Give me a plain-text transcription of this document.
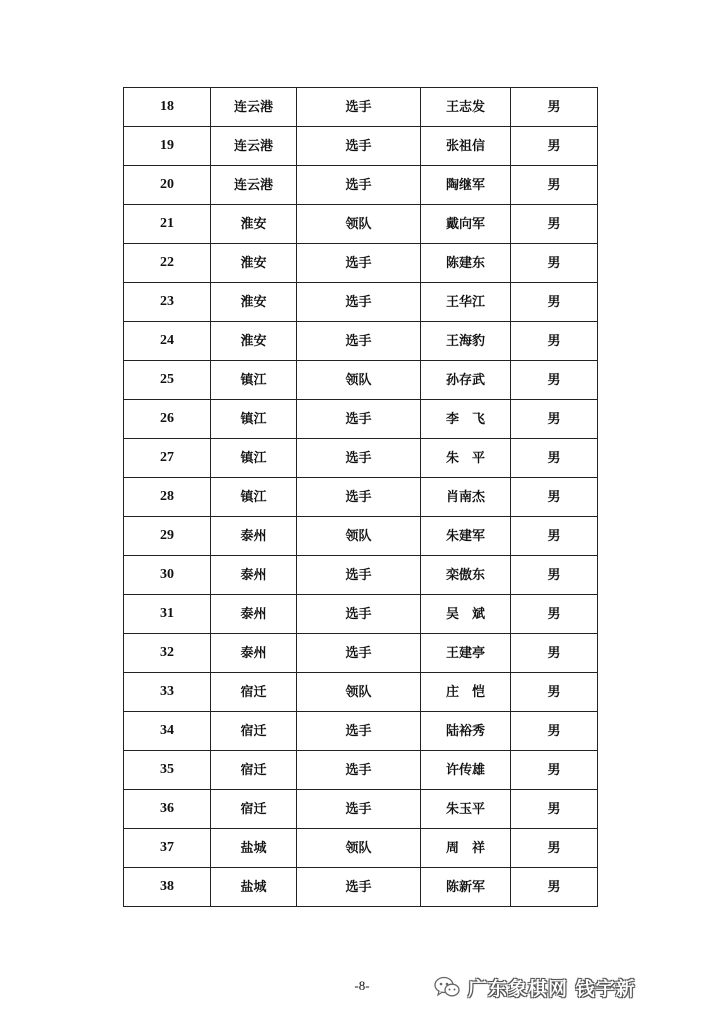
18	连云港	选手	王志发	男
19	连云港	选手	张祖信	男
20	连云港	选手	陶继军	男
21	淮安	领队	戴向军	男
22	淮安	选手	陈建东	男
23	淮安	选手	王华江	男
24	淮安	选手	王海豹	男
25	镇江	领队	孙存武	男
26	镇江	选手	李　飞	男
27	镇江	选手	朱　平	男
28	镇江	选手	肖南杰	男
29	泰州	领队	朱建军	男
30	泰州	选手	栾傲东	男
31	泰州	选手	吴　斌	男
32	泰州	选手	王建亭	男
33	宿迁	领队	庄　恺	男
34	宿迁	选手	陆裕秀	男
35	宿迁	选手	许传雄	男
36	宿迁	选手	朱玉平	男
37	盐城	领队	周　祥	男
38	盐城	选手	陈新军	男
-8-	广东象棋网 钱宇新
